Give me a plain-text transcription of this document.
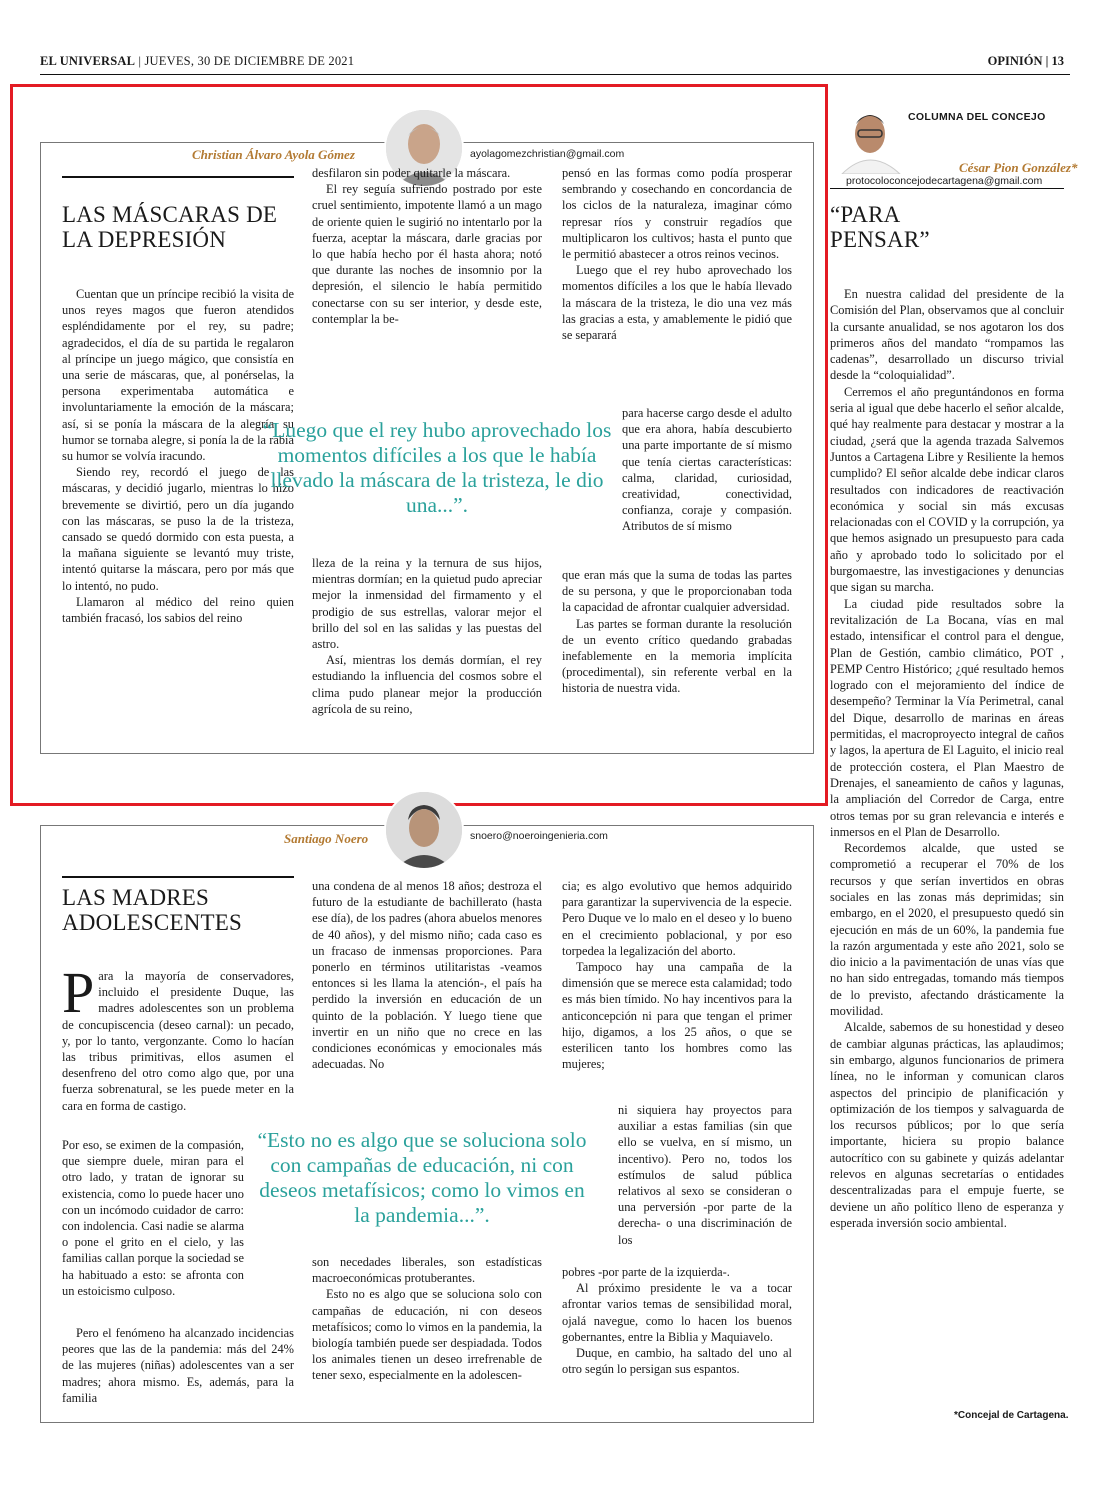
EL UNIVERSAL | JUEVES, 30 DE DICIEMBRE DE 2021	OPINIÓN | 13
Christian Álvaro Ayola Gómez	ayolagomezchristian@gmail.com
LAS MÁSCARAS DE
LA DEPRESIÓN

Cuentan que un príncipe recibió la visita de unos reyes magos que fueron atendidos espléndidamente por el rey, su padre; agradecidos, el día de su partida le regalaron al príncipe un juego mágico, que consistía en una serie de máscaras, que, al ponérselas, la persona experimentaba automática e involuntariamente la emoción de la máscara; así, si se ponía la máscara de la alegría, su humor se tornaba alegre, si ponía la de la rabia su humor se volvía iracundo.

Siendo rey, recordó el juego de las máscaras, y decidió jugarlo, mientras lo hizo brevemente se divirtió, pero un día jugando con las máscaras, se puso la de la tristeza, cansado se quedó dormido con esta puesta, a la mañana siguiente se levantó muy triste, intentó quitarse la máscara, pero por más que lo intentó, no pudo.

Llamaron al médico del reino quien también fracasó, los sabios del reino

desfilaron sin poder quitarle la máscara.

El rey seguía sufriendo postrado por este cruel sentimiento, impotente llamó a un mago de oriente quien le sugirió no intentarlo por la fuerza, aceptar la máscara, darle gracias por lo que había hecho por él hasta ahora; notó que durante las noches de insomnio por la depresión, el silencio le había permitido conectarse con su ser interior, y desde este, contemplar la be-

“Luego que el rey hubo aprovechado los momentos difíciles a los que le había llevado la máscara de la tristeza, le dio una...”.

lleza de la reina y la ternura de sus hijos, mientras dormían; en la quietud pudo apreciar mejor la inmensidad del firmamento y el prodigio de sus estrellas, valorar mejor el brillo del sol en las salidas y las puestas del astro.

Así, mientras los demás dormían, el rey estudiando la influencia del cosmos sobre el clima pudo planear mejor la producción agrícola de su reino,

pensó en las formas como podía prosperar sembrando y cosechando en concordancia de los ciclos de la naturaleza, imaginar cómo represar ríos y construir regadíos que multiplicaron los cultivos; hasta el punto que le permitió abastecer a otros reinos vecinos.

Luego que el rey hubo aprovechado los momentos difíciles a los que le había llevado la máscara de la tristeza, le dio una vez más las gracias a esta, y amablemente le pidió que se separará

para hacerse cargo desde el adulto que era ahora, había descubierto una parte importante de sí mismo que tenía ciertas características: calma, claridad, curiosidad, creatividad, conectividad, confianza, coraje y compasión. Atributos de sí mismo

que eran más que la suma de todas las partes de su persona, y que le proporcionaban toda la capacidad de afrontar cualquier adversidad.

Las partes se forman durante la resolución de un evento crítico quedando grabadas inefablemente en la memoria implícita (procedimental), sin referente verbal en la historia de nuestra vida.

Santiago Noero	snoero@noeroingenieria.com
LAS MADRES
ADOLESCENTES
P ara la mayoría de conservadores, incluido el presidente Duque, las madres adolescentes son un problema de concupiscencia (deseo carnal): un pecado, y, por lo tanto, vergonzante. Como lo hacían las tribus primitivas, ellos asumen el desenfreno del otro como algo que, por una fuerza sobrenatural, se les puede meter en la cara en forma de castigo.

Por eso, se eximen de la compasión, que siempre duele, miran para el otro lado, y tratan de ignorar su existencia, como lo puede hacer uno con un incómodo cuidador de carro: con indolencia. Casi nadie se alarma o pone el grito en el cielo, y las familias callan porque la sociedad se ha habituado a esto: se afronta con un estoicismo culposo.

Pero el fenómeno ha alcanzado incidencias peores que las de la pandemia: más del 24% de las mujeres (niñas) adolescentes van a ser madres; ahora mismo. Es, además, para la familia

una condena de al menos 18 años; destroza el futuro de la estudiante de bachillerato (hasta ese día), de los padres (ahora abuelos menores de 40 años), y del mismo niño; cada caso es un fracaso de inmensas proporciones. Para ponerlo en términos utilitaristas -veamos entonces si les llama la atención-, el país ha perdido la inversión en educación de un quinto de la población. Y luego tiene que invertir en un niño que no crece en las condiciones económicas y emocionales más adecuadas. No

“Esto no es algo que se soluciona solo con campañas de educación, ni con deseos metafísicos; como lo vimos en la pandemia...”.

son necedades liberales, son estadísticas macroeconómicas protuberantes.

Esto no es algo que se soluciona solo con campañas de educación, ni con deseos metafísicos; como lo vimos en la pandemia, la biología también puede ser despiadada. Todos los animales tienen un deseo irrefrenable de tener sexo, especialmente en la adolescen-

cia; es algo evolutivo que hemos adquirido para garantizar la supervivencia de la especie. Pero Duque ve lo malo en el deseo y lo bueno en el crecimiento poblacional, y por eso torpedea la legalización del aborto.

Tampoco hay una campaña de la dimensión que se merece esta calamidad; todo es más bien tímido. No hay incentivos para la anticoncepción ni para que tengan el primer hijo, digamos, a los 25 años, o que se esterilicen tanto los hombres como las mujeres;

ni siquiera hay proyectos para auxiliar a estas familias (sin que ello se vuelva, en sí mismo, un incentivo). Pero no, todos los estímulos de salud pública relativos al sexo se consideran o una perversión -por parte de la derecha- o una discriminación de los

pobres -por parte de la izquierda-.

Al próximo presidente le va a tocar afrontar varios temas de sensibilidad moral, ojalá navegue, como lo hacen los buenos gobernantes, entre la Biblia y Maquiavelo.

Duque, en cambio, ha saltado del uno al otro según lo persigan sus espantos.

COLUMNA DEL CONCEJO
César Pion González*
protocoloconcejodecartagena@gmail.com
“PARA
PENSAR”

En nuestra calidad del presidente de la Comisión del Plan, observamos que al concluir la cursante anualidad, se nos agotaron los dos primeros años del mandato “rompamos las cadenas”, desarrollado un discurso trivial desde la “coloquialidad”.

Cerremos el año preguntándonos en forma seria al igual que debe hacerlo el señor alcalde, qué hay realmente para destacar y mostrar a la ciudad, ¿será que la agenda trazada Salvemos Juntos a Cartagena Libre y Resiliente la hemos cumplido? El señor alcalde debe indicar claros resultados con indicadores de reactivación económica y social sin más excusas relacionadas con el COVID y la corrupción, ya que hemos asignado un presupuesto para cada año y aprobado todo lo solicitado por el burgomaestre, las investigaciones y denuncias que sigan su marcha.

La ciudad pide resultados sobre la revitalización de La Bocana, vías en mal estado, intensificar el control para el dengue, Plan de Gestión, cambio climático, POT , PEMP Centro Histórico; ¿qué resultado hemos logrado con el mejoramiento del índice de desempeño? Terminar la Vía Perimetral, canal del Dique, desarrollo de marinas en áreas permitidas, el macroproyecto integral de caños y lagos, la apertura de El Laguito, el inicio real de protección costera, el Plan Maestro de Drenajes, el saneamiento de caños y lagunas, la ampliación del Corredor de Carga, entre otros temas por su gran relevancia e interés e inmersos en el Plan de Desarrollo.

Recordemos alcalde, que usted se comprometió a recuperar el 70% de los recursos y que serían invertidos en obras sociales en las zonas más deprimidas; sin embargo, en el 2020, el presupuesto quedó sin ejecución en más de un 60%, la pandemia fue la razón argumentada y este año 2021, solo se dio inicio a la pavimentación de unas vías que no han sido entregadas, tomando más tiempos de lo previsto, afectando drásticamente la movilidad.

Alcalde, sabemos de su honestidad y deseo de cambiar algunas prácticas, las aplaudimos; sin embargo, algunos funcionarios de primera línea, no le informan y comunican claros aspectos del principio de planificación y optimización de los tiempos y salvaguarda de los recursos públicos; por lo que sería importante, hiciera su propio balance autocrítico con su gabinete y quizás adelantar relevos en algunas secretarías o entidades descentralizadas para el empuje fuerte, se deviene un año político lleno de esperanza y esperada inversión socio ambiental.

*Concejal de Cartagena.
